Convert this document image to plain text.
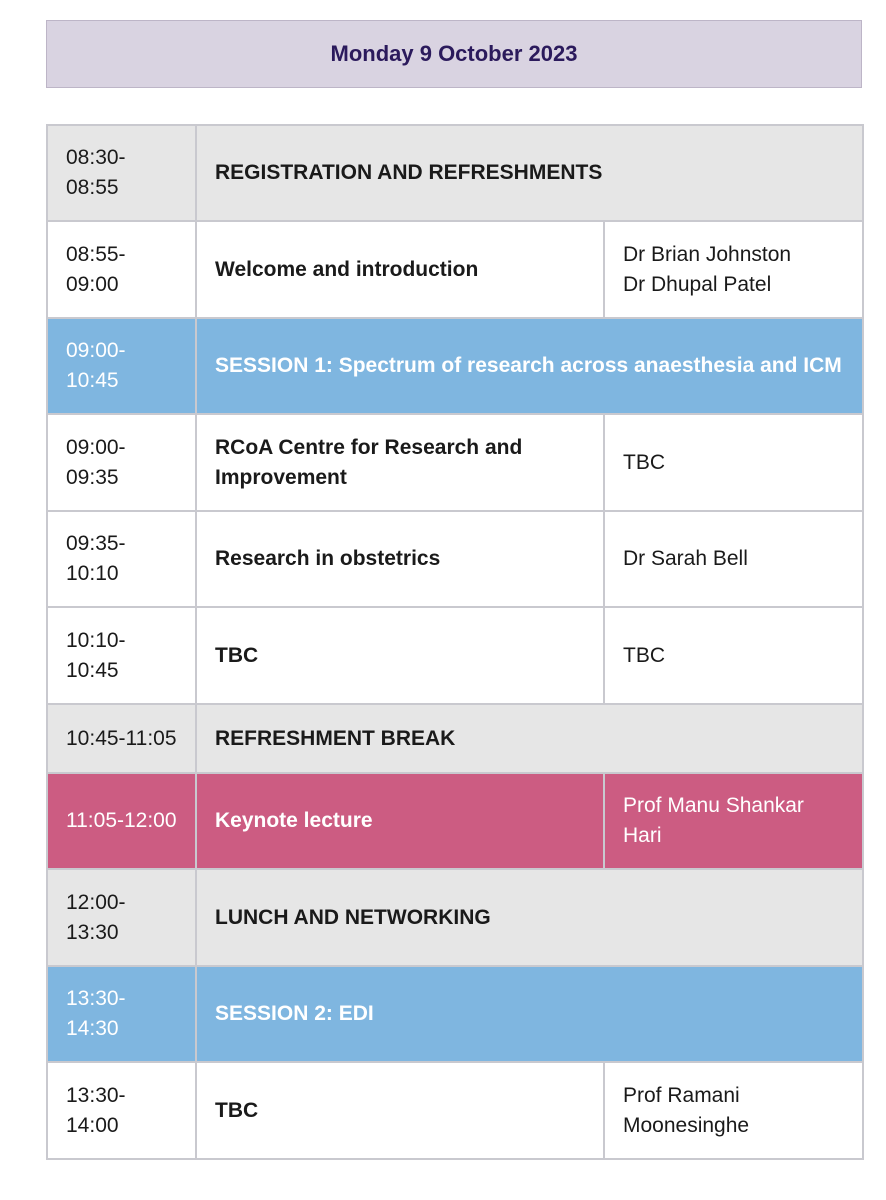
Monday 9 October 2023
08:30-
08:55	REGISTRATION AND REFRESHMENTS	
08:55-
09:00	Welcome and introduction	Dr Brian Johnston
Dr Dhupal Patel
09:00-
10:45	SESSION 1: Spectrum of research across anaesthesia and ICM	
09:00-
09:35	RCoA Centre for Research and Improvement	TBC
09:35-
10:10	Research in obstetrics	Dr Sarah Bell
10:10-
10:45	TBC	TBC
10:45-11:05	REFRESHMENT BREAK	
11:05-12:00	Keynote lecture	Prof Manu Shankar
Hari
12:00-
13:30	LUNCH AND NETWORKING	
13:30-
14:30	SESSION 2: EDI	
13:30-
14:00	TBC	Prof Ramani
Moonesinghe
